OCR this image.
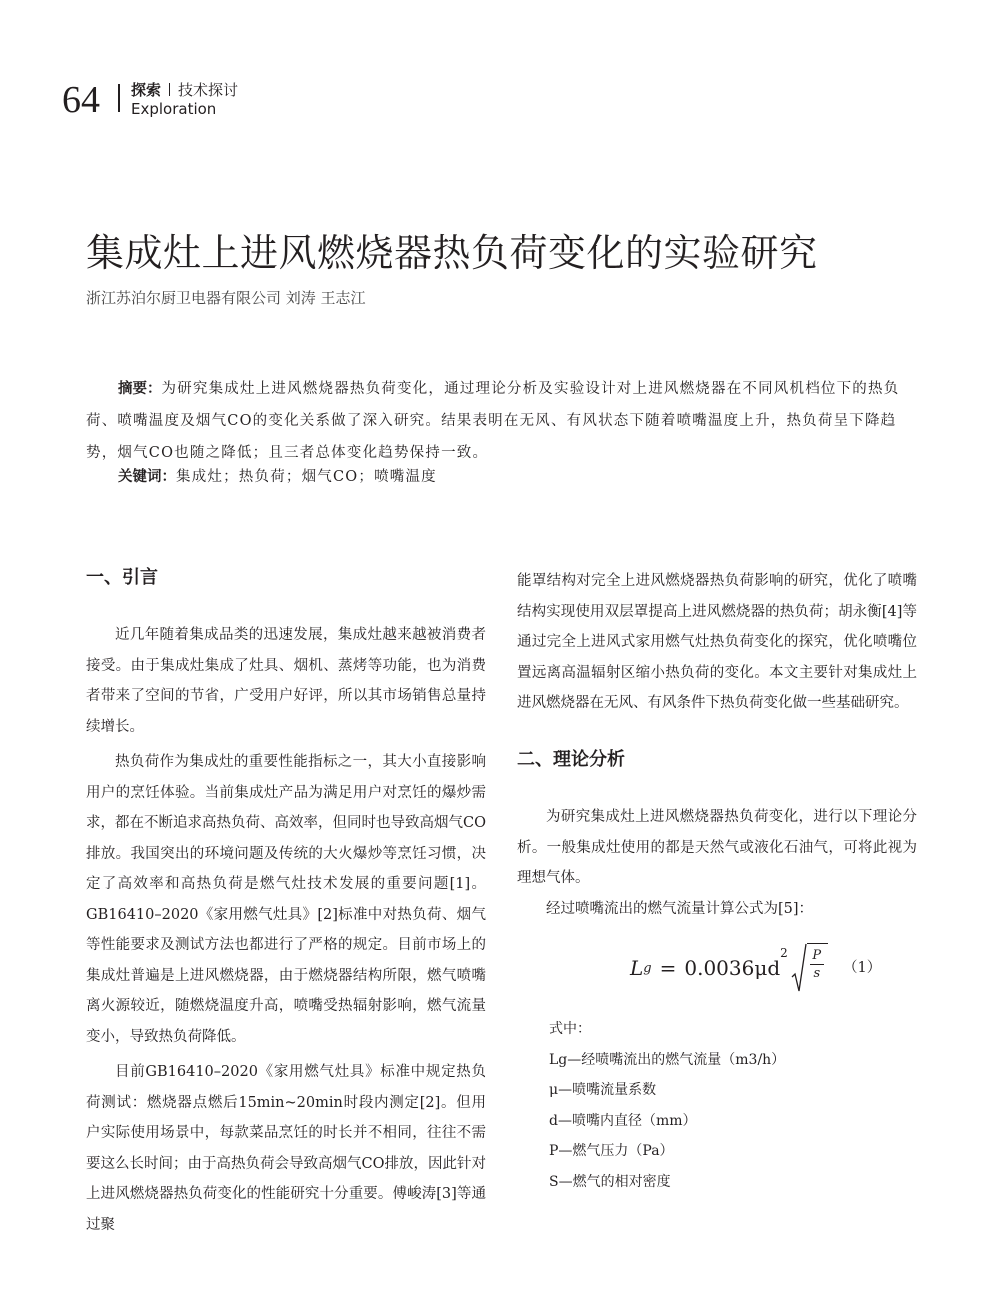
64 探索 技术探讨
Exploration
集成灶上进风燃烧器热负荷变化的实验研究
浙江苏泊尔厨卫电器有限公司 刘涛 王志江
摘要：为研究集成灶上进风燃烧器热负荷变化，通过理论分析及实验设计对上进风燃烧器在不同风机档位下的热负荷、喷嘴温度及烟气CO的变化关系做了深入研究。结果表明在无风、有风状态下随着喷嘴温度上升，热负荷呈下降趋势，烟气CO也随之降低；且三者总体变化趋势保持一致。
关键词：集成灶；热负荷；烟气CO；喷嘴温度
一、引言

近几年随着集成品类的迅速发展，集成灶越来越被消费者接受。由于集成灶集成了灶具、烟机、蒸烤等功能，也为消费者带来了空间的节省，广受用户好评，所以其市场销售总量持续增长。

热负荷作为集成灶的重要性能指标之一，其大小直接影响用户的烹饪体验。当前集成灶产品为满足用户对烹饪的爆炒需求，都在不断追求高热负荷、高效率，但同时也导致高烟气CO排放。我国突出的环境问题及传统的大火爆炒等烹饪习惯，决定了高效率和高热负荷是燃气灶技术发展的重要问题[1]。GB16410–2020《家用燃气灶具》[2]标准中对热负荷、烟气等性能要求及测试方法也都进行了严格的规定。目前市场上的集成灶普遍是上进风燃烧器，由于燃烧器结构所限，燃气喷嘴离火源较近，随燃烧温度升高，喷嘴受热辐射影响，燃气流量变小，导致热负荷降低。

目前GB16410–2020《家用燃气灶具》标准中规定热负荷测试：燃烧器点燃后15min~20min时段内测定[2]。但用户实际使用场景中，每款菜品烹饪的时长并不相同，往往不需要这么长时间；由于高热负荷会导致高烟气CO排放，因此针对上进风燃烧器热负荷变化的性能研究十分重要。傅峻涛[3]等通过聚

能罩结构对完全上进风燃烧器热负荷影响的研究，优化了喷嘴结构实现使用双层罩提高上进风燃烧器的热负荷；胡永衡[4]等通过完全上进风式家用燃气灶热负荷变化的探究，优化喷嘴位置远离高温辐射区缩小热负荷的变化。本文主要针对集成灶上进风燃烧器在无风、有风条件下热负荷变化做一些基础研究。

二、理论分析

为研究集成灶上进风燃烧器热负荷变化，进行以下理论分析。一般集成灶使用的都是天然气或液化石油气，可将此视为理想气体。

经过喷嘴流出的燃气流量计算公式为[5]：

L g = 0.0036μd
$^2 \frac{P}{s} (1)$
式中：
Lg—经喷嘴流出的燃气流量（m3/h）
μ—喷嘴流量系数
d—喷嘴内直径（mm）
P—燃气压力（Pa）
S—燃气的相对密度
